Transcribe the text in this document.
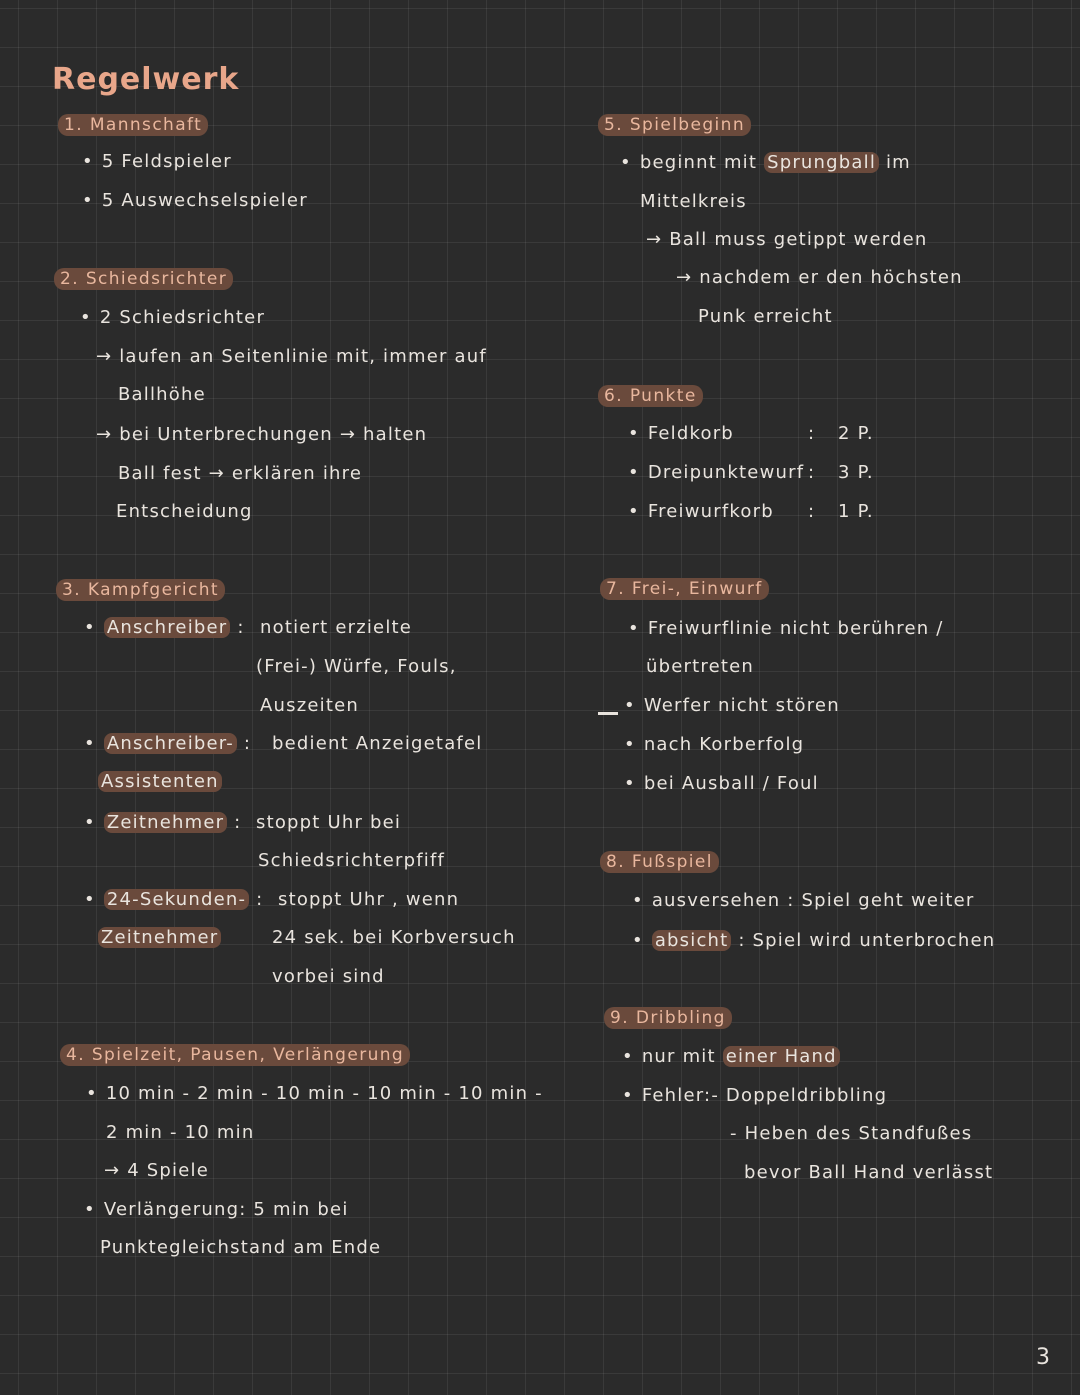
Regelwerk
1. Mannschaft
• 5 Feldspieler
• 5 Auswechselspieler
2. Schiedsrichter
• 2 Schiedsrichter
→ laufen an Seitenlinie mit, immer auf
Ballhöhe
→ bei Unterbrechungen → halten
Ball fest → erklären ihre
Entscheidung
3. Kampfgericht
• Anschreiber : notiert erzielte
(Frei-) Würfe, Fouls,
Auszeiten
• Anschreiber- : bedient Anzeigetafel
Assistenten
• Zeitnehmer : stoppt Uhr bei
Schiedsrichterpfiff
• 24-Sekunden- : stoppt Uhr , wenn
Zeitnehmer	24 sek. bei Korbversuch
vorbei sind
4. Spielzeit, Pausen, Verlängerung
• 10 min - 2 min - 10 min - 10 min - 10 min -
2 min - 10 min
→ 4 Spiele
• Verlängerung: 5 min bei
Punktegleichstand am Ende
5. Spielbeginn
• beginnt mit Sprungball im
Mittelkreis
→ Ball muss getippt werden
→ nachdem er den höchsten
Punk erreicht
6. Punkte
• Feldkorb	: 2 P.
• Dreipunktewurf : 3 P.
• Freiwurfkorb : 1 P.
7. Frei-, Einwurf
• Freiwurflinie nicht berühren /
übertreten
• Werfer nicht stören
• nach Korberfolg
• bei Ausball / Foul
8. Fußspiel
• ausversehen : Spiel geht weiter
• absicht : Spiel wird unterbrochen
9. Dribbling
• nur mit einer Hand
• Fehler:- Doppeldribbling
- Heben des Standfußes
bevor Ball Hand verlässt
3
